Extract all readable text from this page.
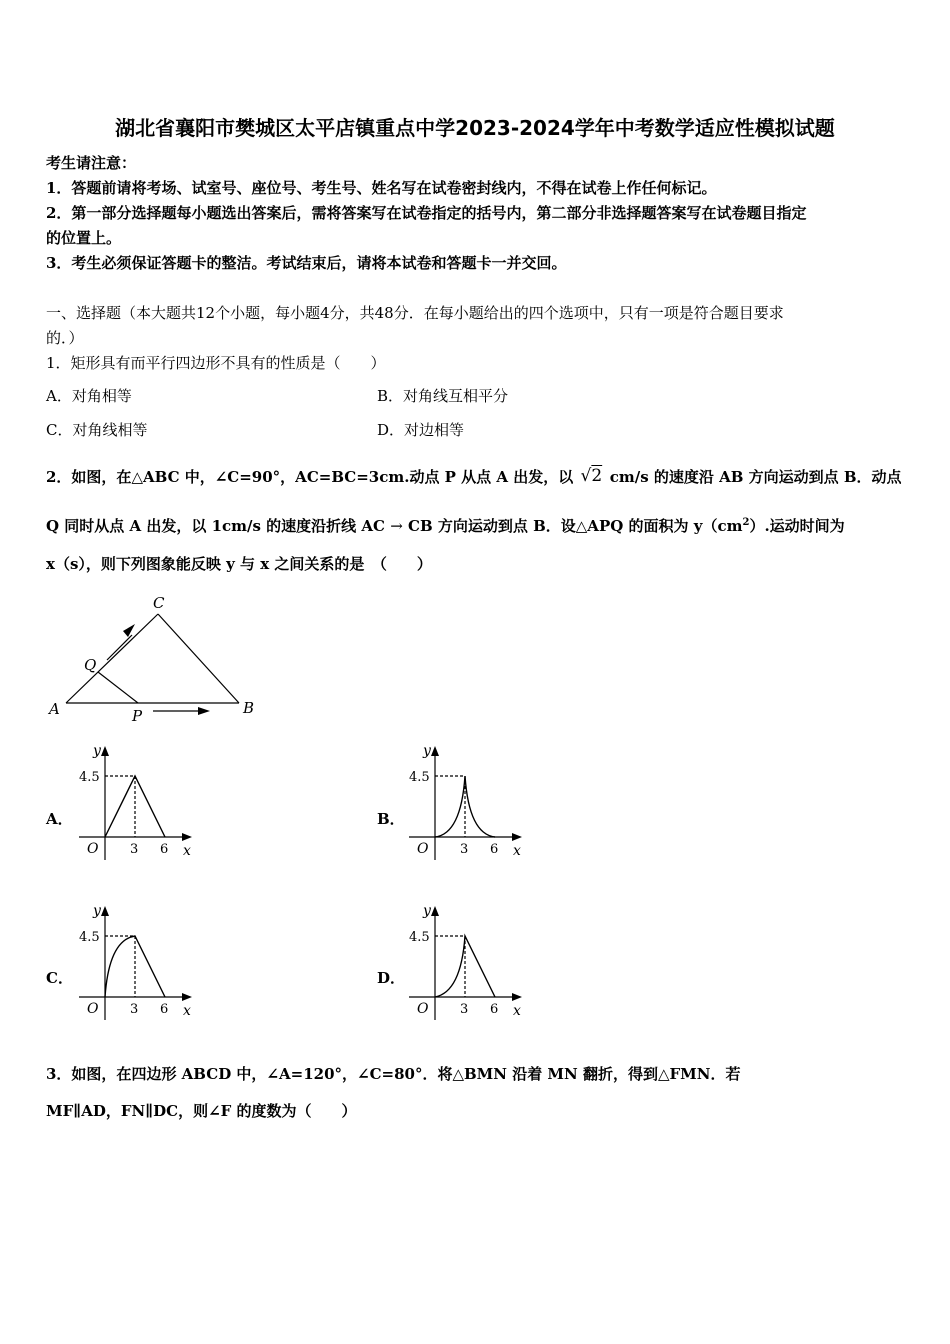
湖北省襄阳市樊城区太平店镇重点中学2023-2024学年中考数学适应性模拟试题
考生请注意：
1．答题前请将考场、试室号、座位号、考生号、姓名写在试卷密封线内，不得在试卷上作任何标记。
2．第一部分选择题每小题选出答案后，需将答案写在试卷指定的括号内，第二部分非选择题答案写在试卷题目指定
的位置上。
3．考生必须保证答题卡的整洁。考试结束后，请将本试卷和答题卡一并交回。
一、选择题（本大题共12个小题，每小题4分，共48分．在每小题给出的四个选项中，只有一项是符合题目要求
的．）
1．矩形具有而平行四边形不具有的性质是（　　）
A．对角相等	B．对角线互相平分
C．对角线相等	D．对边相等
2．如图，在△ABC 中，∠C=90°，AC=BC=3cm.动点 P 从点 A 出发，以 √2 cm/s 的速度沿 AB 方向运动到点 B．动点
Q 同时从点 A 出发，以 1cm/s 的速度沿折线 AC → CB 方向运动到点 B．设△APQ 的面积为 $y(cm^2)$.运动时间为
x（s），则下列图象能反映 y 与 x 之间关系的是　（　　）
C
Q
A	P	B
A．	B．
C．	D．
y
x
O
4.5
3 6
y
x
O
4.5
3 6
y
x
O
4.5
3 6
y
x
O
4.5
3 6
3．如图，在四边形 ABCD 中，∠A=120°，∠C=80°．将△BMN 沿着 MN 翻折，得到△FMN．若
MF∥AD，FN∥DC，则∠F 的度数为（　　）
